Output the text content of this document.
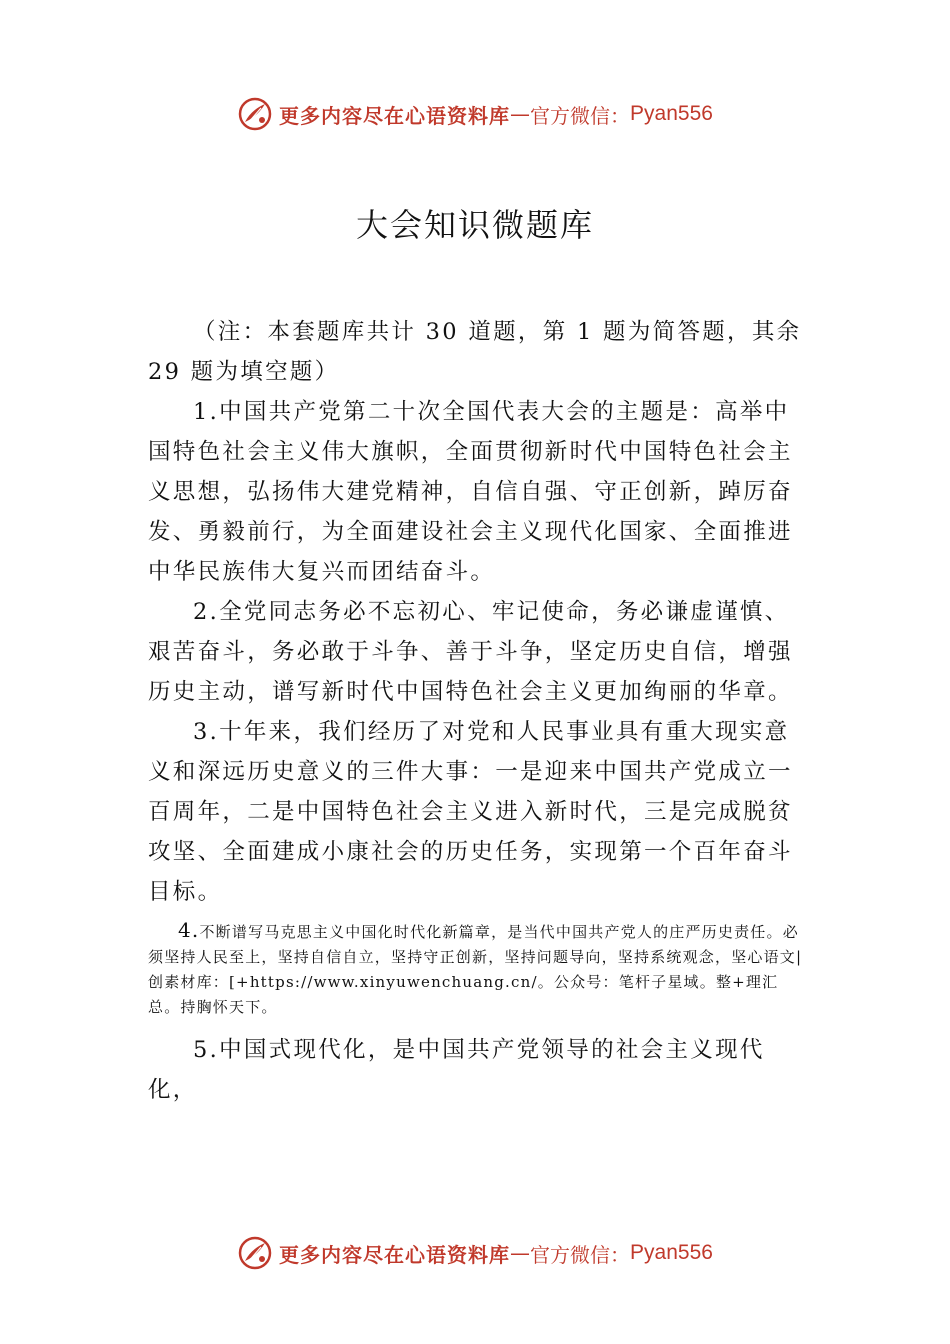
更多内容尽在心语资料库 — 官方微信： Pyan556
大会知识微题库

（注：本套题库共计 30 道题，第 1 题为简答题，其余 29 题为填空题）

1.中国共产党第二十次全国代表大会的主题是：高举中国特色社会主义伟大旗帜，全面贯彻新时代中国特色社会主义思想，弘扬伟大建党精神，自信自强、守正创新，踔厉奋发、勇毅前行，为全面建设社会主义现代化国家、全面推进中华民族伟大复兴而团结奋斗。

2.全党同志务必不忘初心、牢记使命，务必谦虚谨慎、艰苦奋斗，务必敢于斗争、善于斗争，坚定历史自信，增强历史主动，谱写新时代中国特色社会主义更加绚丽的华章。

3.十年来，我们经历了对党和人民事业具有重大现实意义和深远历史意义的三件大事：一是迎来中国共产党成立一百周年，二是中国特色社会主义进入新时代，三是完成脱贫攻坚、全面建成小康社会的历史任务，实现第一个百年奋斗目标。

4.不断谱写马克思主义中国化时代化新篇章，是当代中国共产党人的庄严历史责任。必须坚持人民至上，坚持自信自立，坚持守正创新，坚持问题导向，坚持系统观念，坚心语文|创素材库：[+https://www.xinyuwenchuang.cn/。公众号：笔杆子星域。整+理汇总。持胸怀天下。

5.中国式现代化，是中国共产党领导的社会主义现代化，

更多内容尽在心语资料库 — 官方微信： Pyan556
